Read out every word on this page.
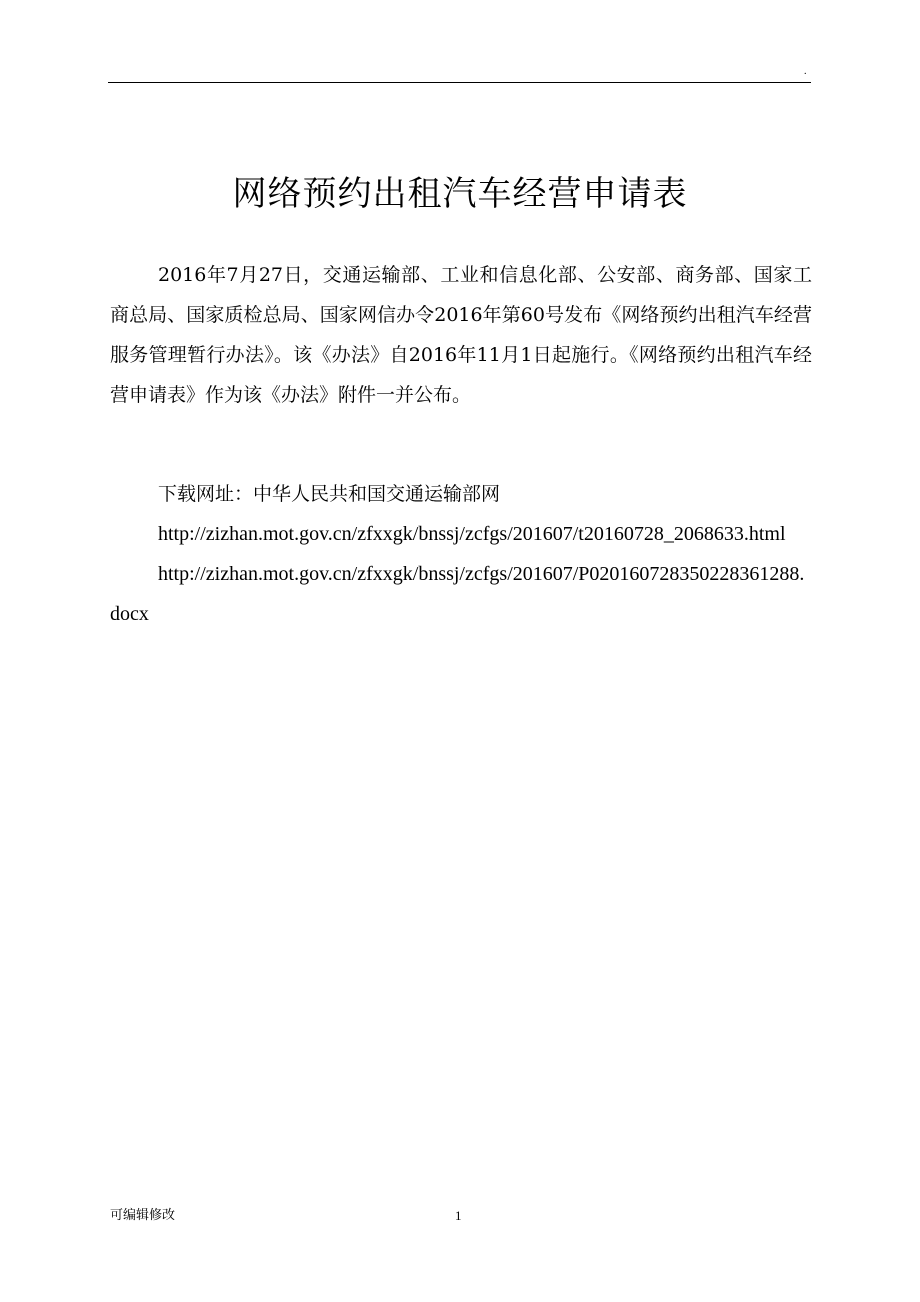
.
网络预约出租汽车经营申请表

2016年7月27日，交通运输部、工业和信息化部、公安部、商务部、国家工商总局、国家质检总局、国家网信办令2016年第60号发布《网络预约出租汽车经营服务管理暂行办法》。该《办法》自2016年11月1日起施行。《网络预约出租汽车经营申请表》作为该《办法》附件一并公布。

下载网址：中华人民共和国交通运输部网

http://zizhan.mot.gov.cn/zfxxgk/bnssj/zcfgs/201607/t20160728_2068633.html

http://zizhan.mot.gov.cn/zfxxgk/bnssj/zcfgs/201607/P020160728350228361288.docx

可编辑修改	1
